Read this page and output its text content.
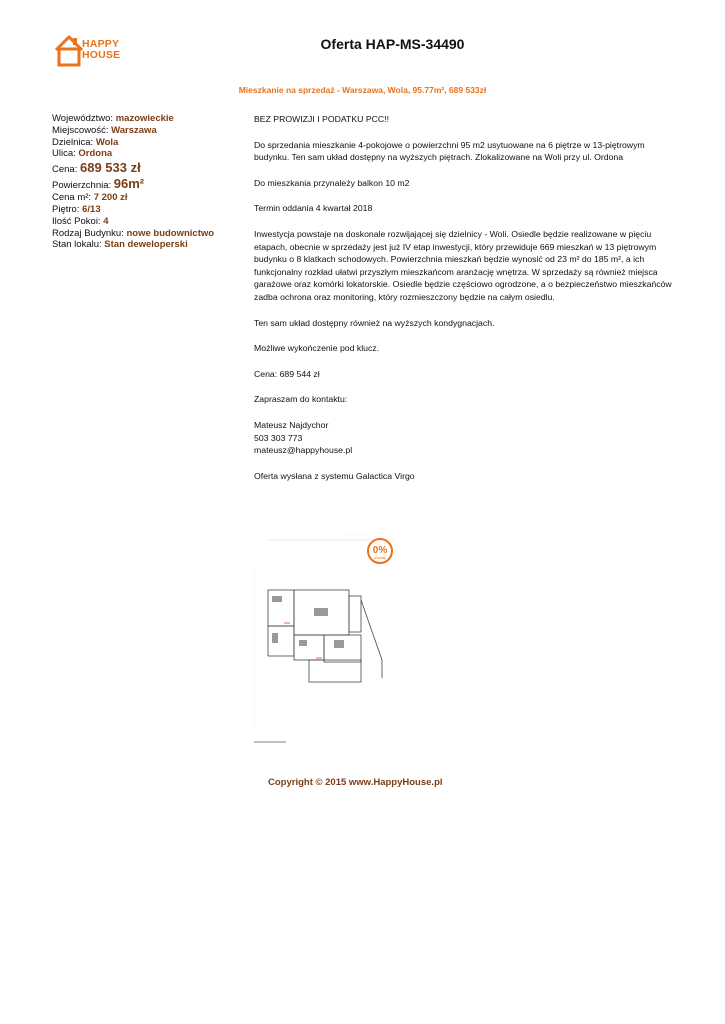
HAPPY
HOUSE
Oferta HAP-MS-34490
Mieszkanie na sprzedaż - Warszawa, Wola, 95.77m², 689 533zł
Województwo: mazowieckie
Miejscowość: Warszawa
Dzielnica: Wola
Ulica: Ordona
Cena: 689 533 zł
Powierzchnia: 96m²
Cena m²: 7 200 zł
Piętro: 6/13
Ilość Pokoi: 4
Rodzaj Budynku: nowe budownictwo
Stan lokalu: Stan deweloperski

BEZ PROWIZJI I PODATKU PCC!!

Do sprzedania mieszkanie 4-pokojowe o powierzchni 95 m2 usytuowane na 6 piętrze w 13-piętrowym budynku. Ten sam układ dostępny na wyższych piętrach. Zlokalizowane na Woli przy ul. Ordona

Do mieszkania przynależy balkon 10 m2

Termin oddania 4 kwartał 2018

Inwestycja powstaje na doskonale rozwijającej się dzielnicy - Woli. Osiedle będzie realizowane w pięciu etapach, obecnie w sprzedaży jest już IV etap inwestycji, który przewiduje 669 mieszkań w 13 piętrowym budynku o 8 klatkach schodowych. Powierzchnia mieszkań będzie wynosić od 23 m² do 185 m², a ich funkcjonalny rozkład ułatwi przyszłym mieszkańcom aranżację wnętrza. W sprzedaży są również miejsca garażowe oraz komórki lokatorskie. Osiedle będzie częściowo ogrodzone, a o bezpieczeństwo mieszkańców zadba ochrona oraz monitoring, który rozmieszczony będzie na całym osiedlu.

Ten sam układ dostępny również na wyższych kondygnacjach.

Możliwe wykończenie pod klucz.

Cena: 689 544 zł

Zapraszam do kontaktu:

Mateusz Najdychor
503 303 773
mateusz@happyhouse.pl

Oferta wysłana z systemu Galactica Virgo

. . . . . . . . . . . . . . .
0%
prowizji
Copyright © 2015 www.HappyHouse.pl
